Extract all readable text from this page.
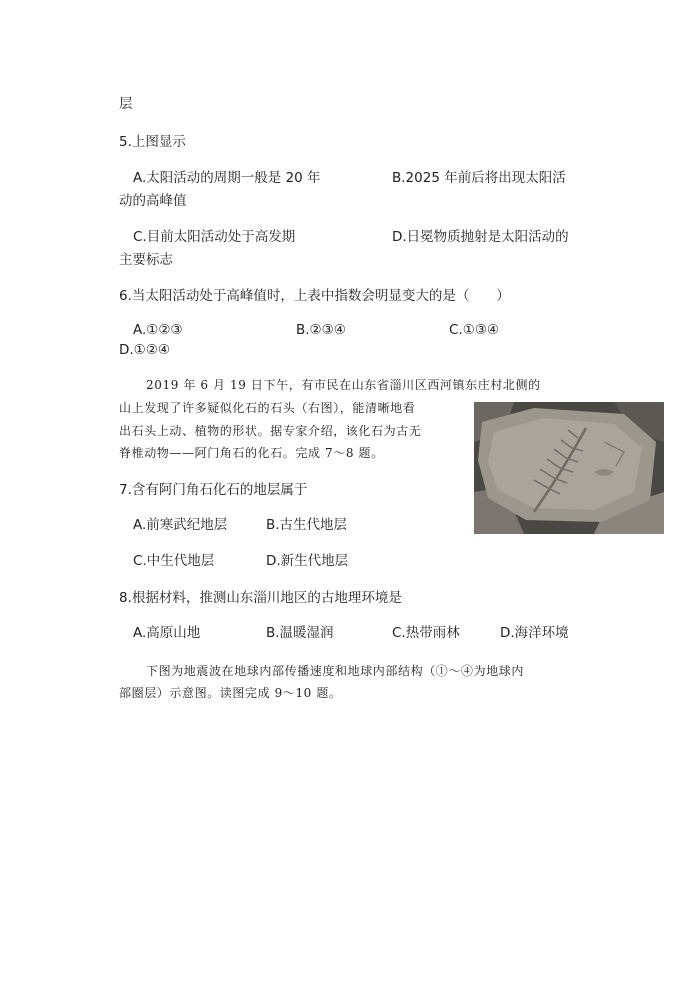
层
5.上图显示
A.太阳活动的周期一般是 20 年	B.2025 年前后将出现太阳活
动的高峰值
C.目前太阳活动处于高发期	D.日冕物质抛射是太阳活动的
主要标志
6.当太阳活动处于高峰值时，上表中指数会明显变大的是（　　）
A.①②③	B.②③④	C.①③④
D.①②④
2019 年 6 月 19 日下午，有市民在山东省淄川区西河镇东庄村北侧的
山上发现了许多疑似化石的石头（右图），能清晰地看
出石头上动、植物的形状。据专家介绍，该化石为古无
脊椎动物——阿门角石的化石。完成 7～8 题。
7.含有阿门角石化石的地层属于
A.前寒武纪地层	B.古生代地层
C.中生代地层	D.新生代地层
8.根据材料，推测山东淄川地区的古地理环境是
A.高原山地	B.温暖湿润	C.热带雨林	D.海洋环境
下图为地震波在地球内部传播速度和地球内部结构（①～④为地球内
部圈层）示意图。读图完成 9～10 题。
